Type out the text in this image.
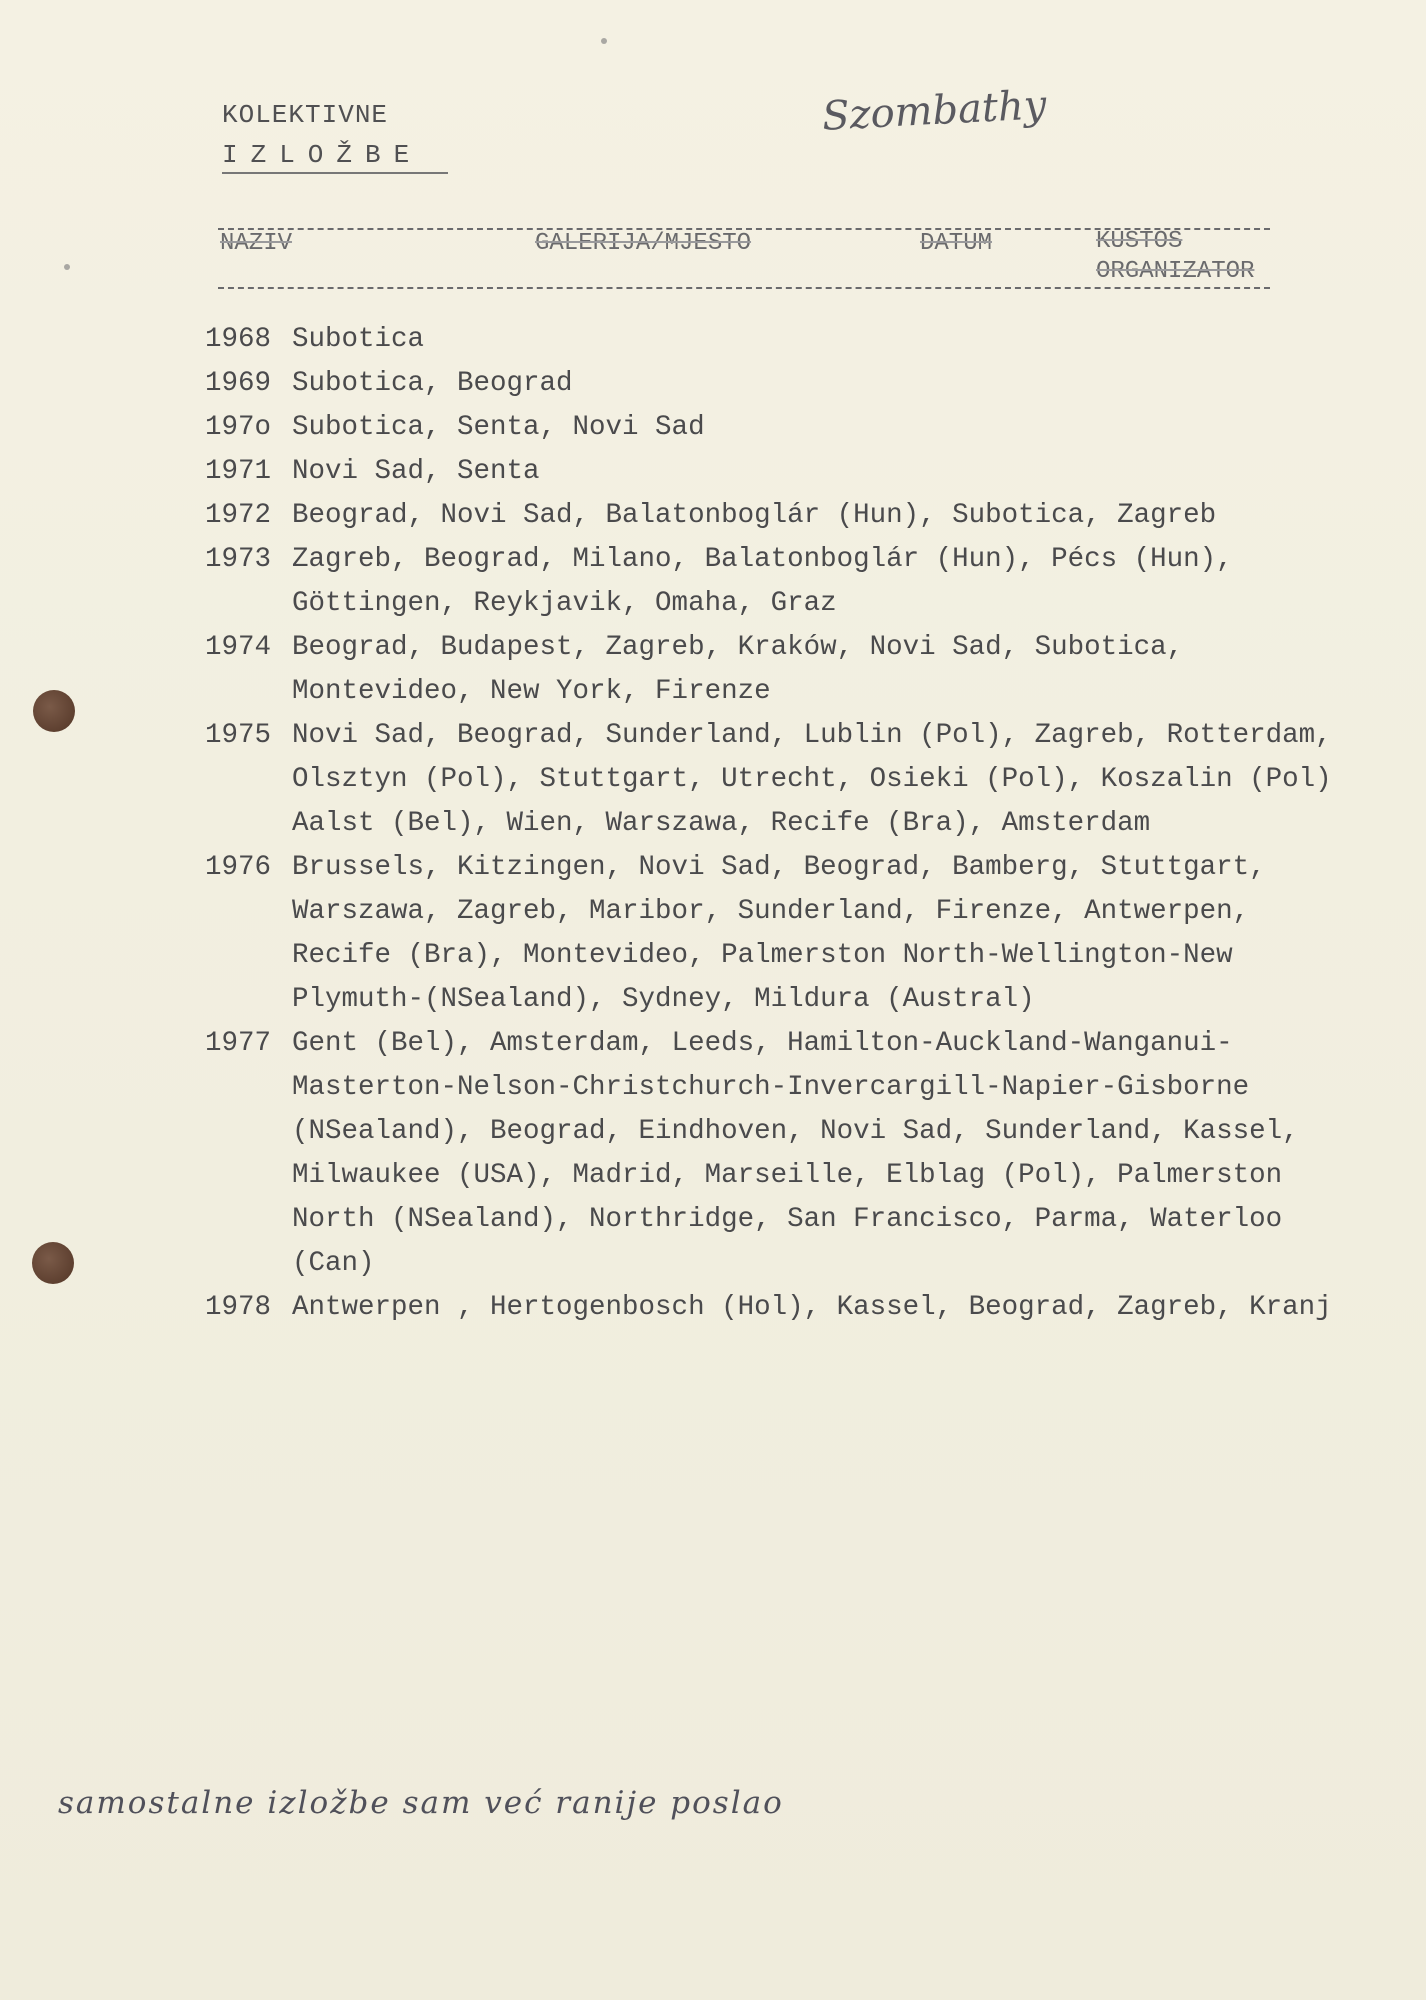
KOLEKTIVNE
IZLOŽBE
Szombathy
NAZIV	GALERIJA/MJESTO	DATUM	KUSTOS
ORGANIZATOR
1968 Subotica
1969 Subotica, Beograd
197o Subotica, Senta, Novi Sad
1971 Novi Sad, Senta
1972 Beograd, Novi Sad, Balatonboglár (Hun), Subotica, Zagreb
1973 Zagreb, Beograd, Milano, Balatonboglár (Hun), Pécs (Hun),
Göttingen, Reykjavik, Omaha, Graz
1974 Beograd, Budapest, Zagreb, Kraków, Novi Sad, Subotica,
Montevideo, New York, Firenze
1975 Novi Sad, Beograd, Sunderland, Lublin (Pol), Zagreb, Rotterdam,
Olsztyn (Pol), Stuttgart, Utrecht, Osieki (Pol), Koszalin (Pol)
Aalst (Bel), Wien, Warszawa, Recife (Bra), Amsterdam
1976 Brussels, Kitzingen, Novi Sad, Beograd, Bamberg, Stuttgart,
Warszawa, Zagreb, Maribor, Sunderland, Firenze, Antwerpen,
Recife (Bra), Montevideo, Palmerston North-Wellington-New
Plymuth-(NSealand), Sydney, Mildura (Austral)
1977 Gent (Bel), Amsterdam, Leeds, Hamilton-Auckland-Wanganui-
Masterton-Nelson-Christchurch-Invercargill-Napier-Gisborne
(NSealand), Beograd, Eindhoven, Novi Sad, Sunderland, Kassel,
Milwaukee (USA), Madrid, Marseille, Elblag (Pol), Palmerston
North (NSealand), Northridge, San Francisco, Parma, Waterloo
(Can)
1978 Antwerpen , Hertogenbosch (Hol), Kassel, Beograd, Zagreb, Kranj
samostalne izložbe sam već ranije poslao
